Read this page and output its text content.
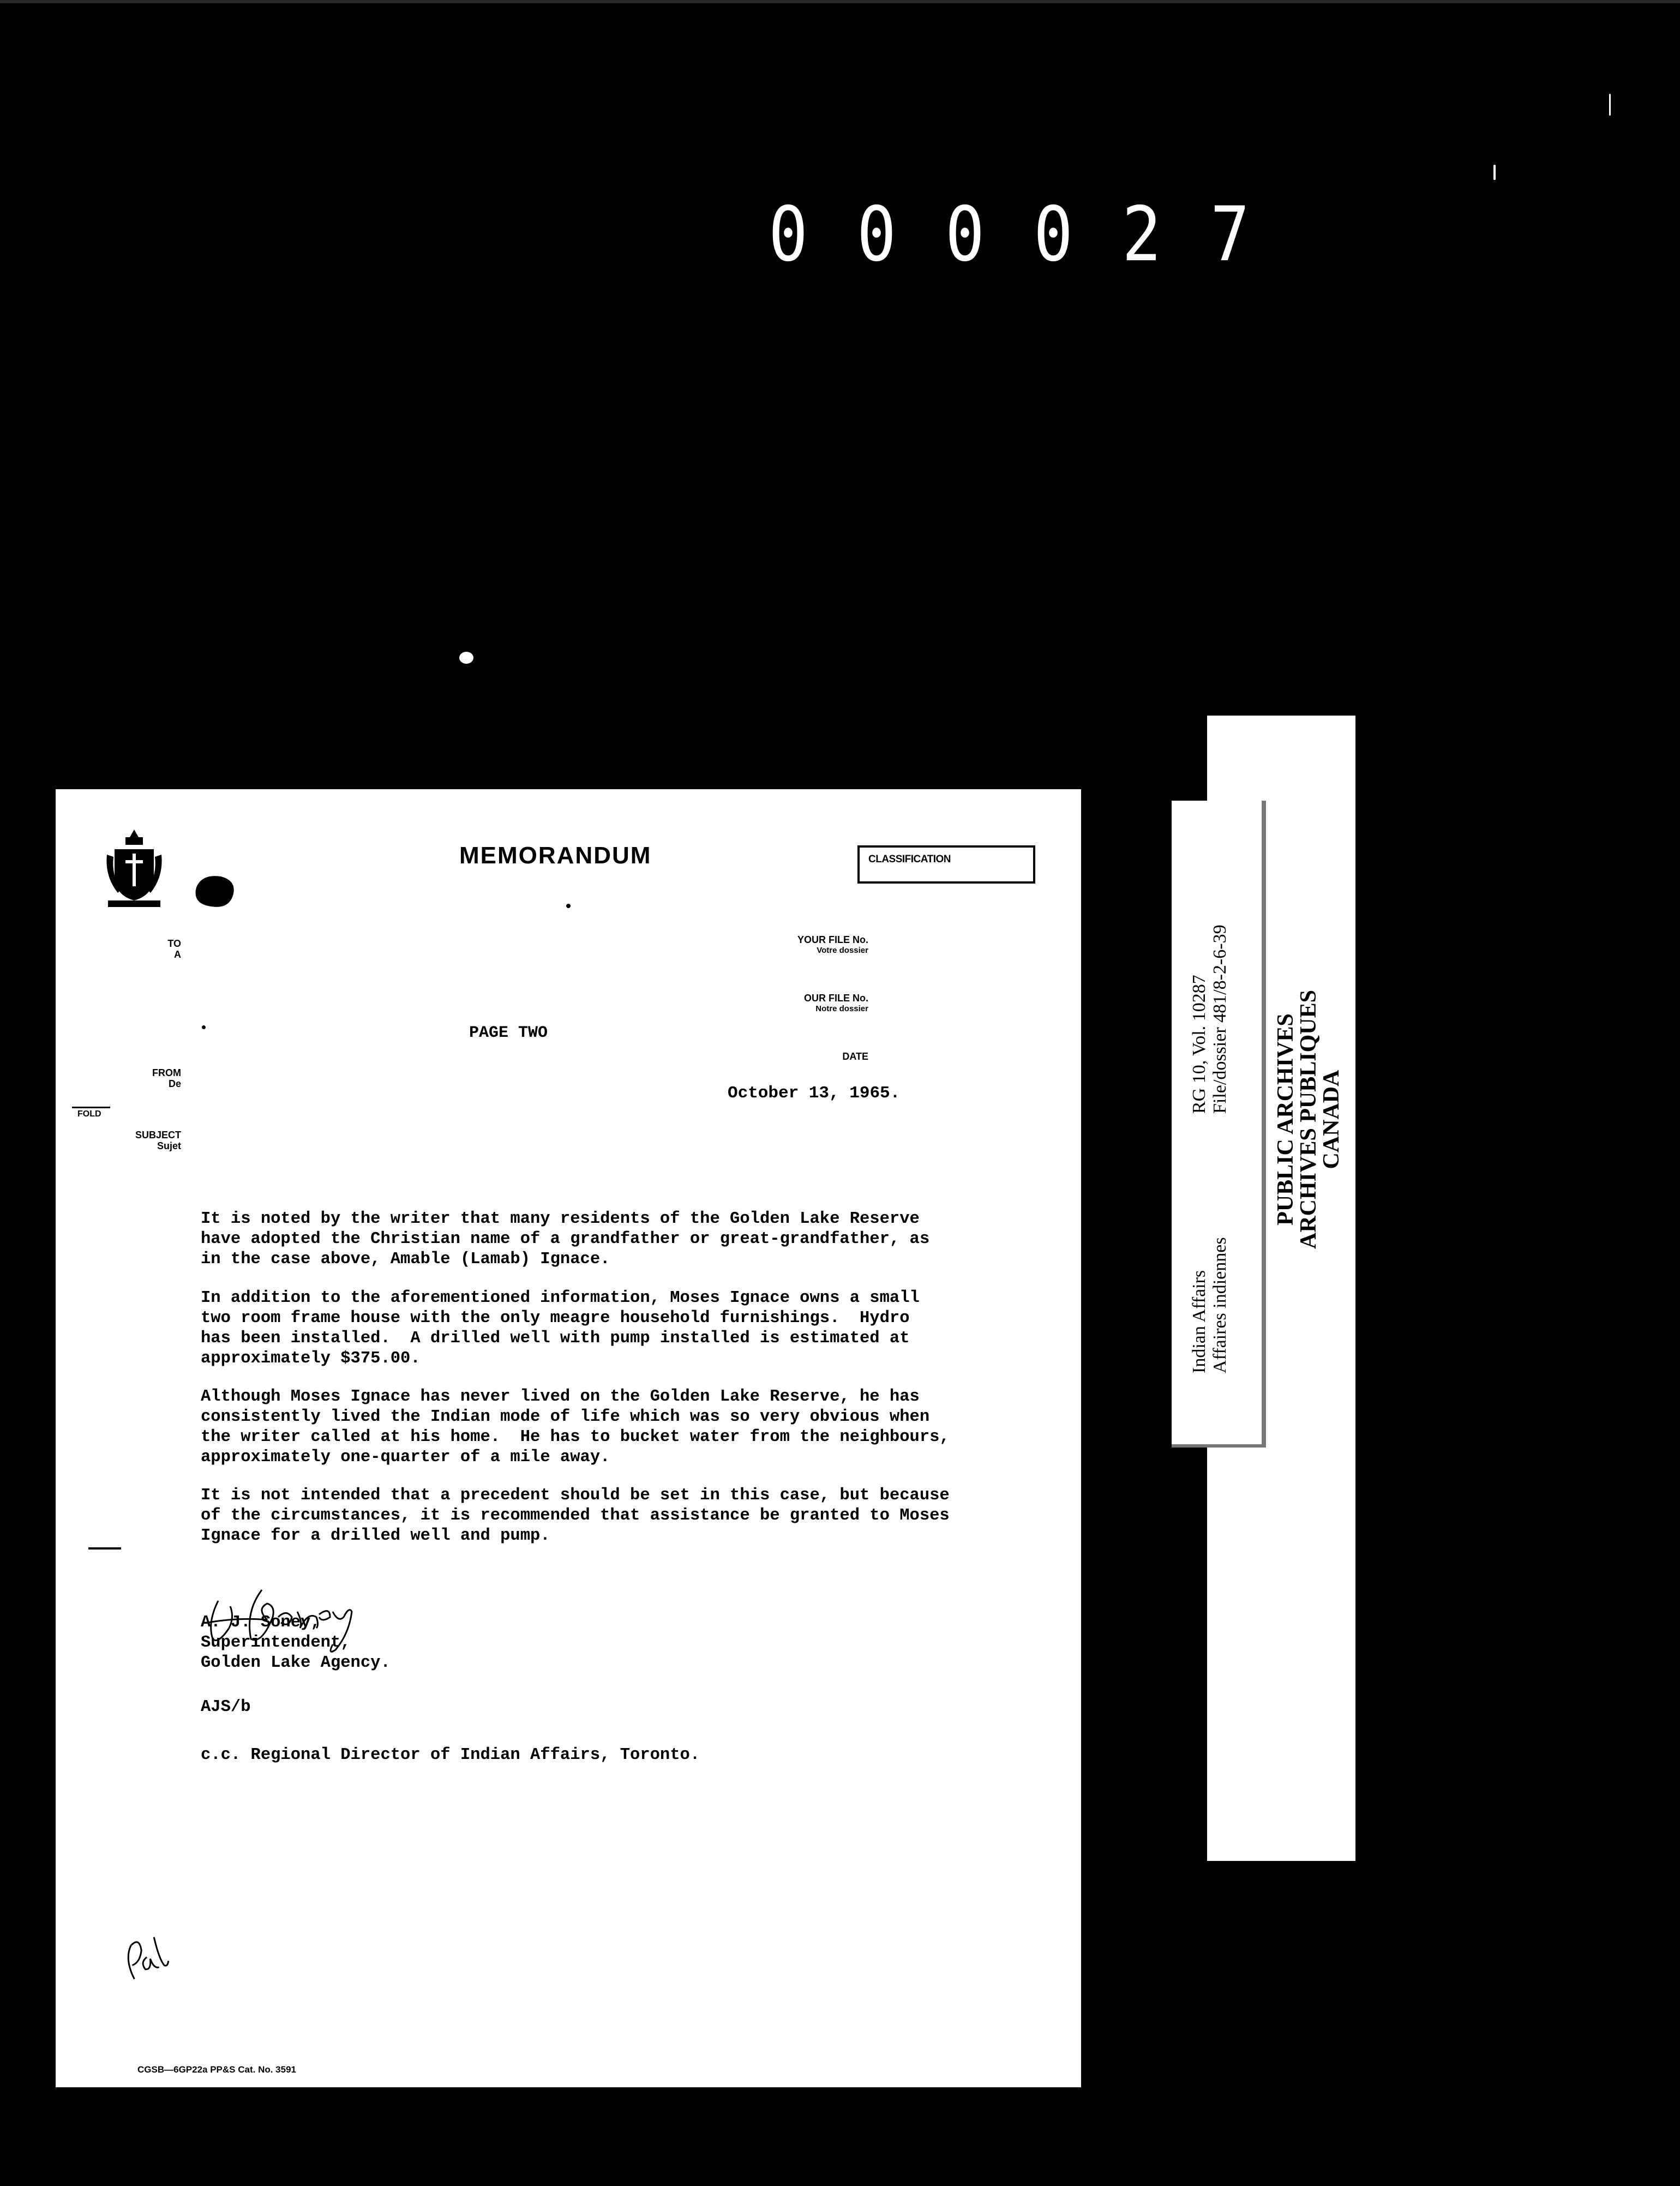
0 0 0 0 2 7
MEMORANDUM	CLASSIFICATION
TO
A
YOUR FILE No.
Votre dossier
OUR FILE No.
Notre dossier
PAGE TWO
DATE
October 13, 1965.
FROM
De
FOLD
SUBJECT
Sujet
It is noted by the writer that many residents of the Golden Lake Reserve
have adopted the Christian name of a grandfather or great-grandfather, as
in the case above, Amable (Lamab) Ignace.
In addition to the aforementioned information, Moses Ignace owns a small
two room frame house with the only meagre household furnishings.  Hydro
has been installed.  A drilled well with pump installed is estimated at
approximately $375.00.
Although Moses Ignace has never lived on the Golden Lake Reserve, he has
consistently lived the Indian mode of life which was so very obvious when
the writer called at his home.  He has to bucket water from the neighbours,
approximately one-quarter of a mile away.
It is not intended that a precedent should be set in this case, but because
of the circumstances, it is recommended that assistance be granted to Moses
Ignace for a drilled well and pump.
A. J. Soney,
Superintendent,
Golden Lake Agency.
AJS/b
c.c. Regional Director of Indian Affairs, Toronto.
CGSB—6GP22a PP&S Cat. No. 3591
Indian Affairs Affaires indiennes
RG 10, Vol. 10287 File/dossier 481/8-2-6-39 PUBLIC ARCHIVES
ARCHIVES PUBLIQUES
CANADA
